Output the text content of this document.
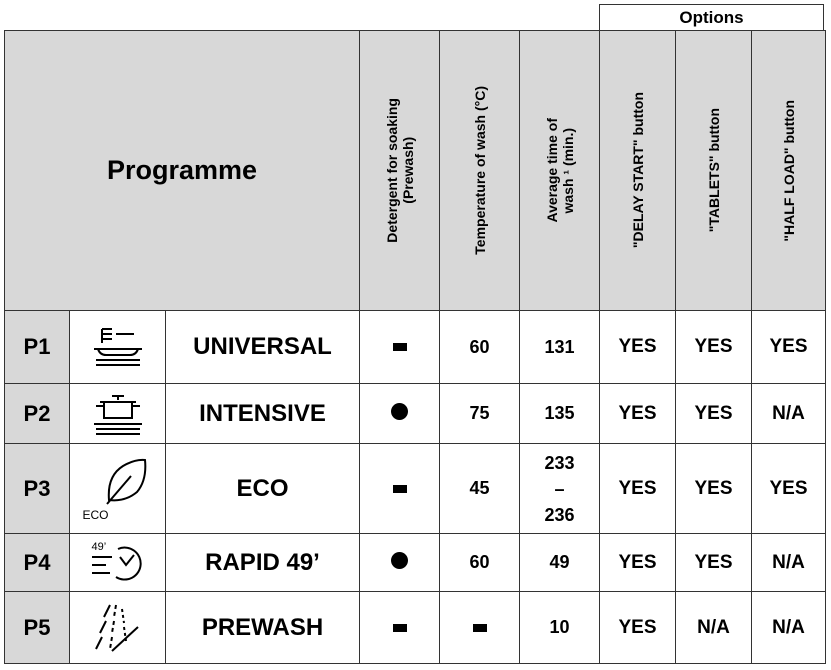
Options
Programme			Detergent for soaking
(Prewash)	Temperature of wash (°C)	Average time of
wash ¹ (min.)	"DELAY START" button	"TABLETS" button	"HALF LOAD" button

P1		UNIVERSAL		60	131	YES	YES	YES
P2		INTENSIVE		75	135	YES	YES	N/A
P3	ECO	ECO		45	233
–
236	YES	YES	YES
P4	49’	RAPID 49’		60	49	YES	YES	N/A
P5		PREWASH			10	YES	N/A	N/A
